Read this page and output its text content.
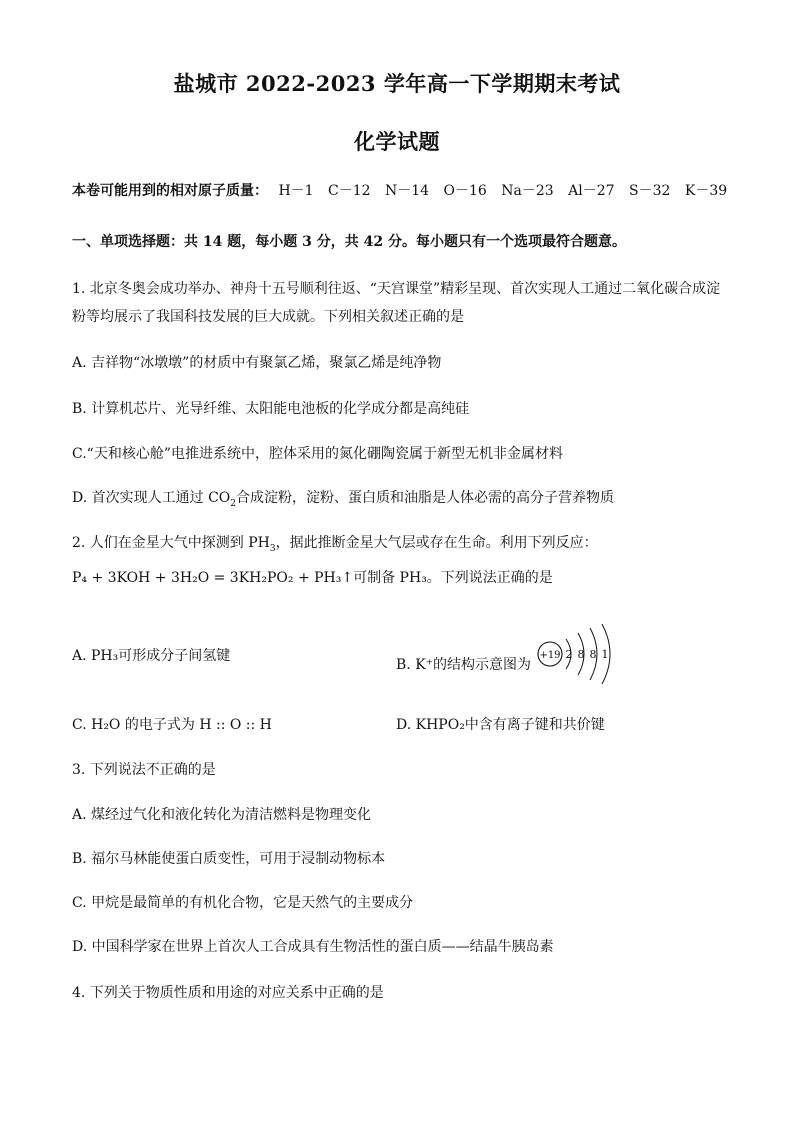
盐城市 2022-2023 学年高一下学期期末考试
化学试题
本卷可能用到的相对原子质量： H－1 C－12 N－14 O－16 Na－23 Al－27 S－32 K－39
一、单项选择题：共 14 题，每小题 3 分，共 42 分。每小题只有一个选项最符合题意。
1. 北京冬奥会成功举办、神舟十五号顺利往返、“天宫课堂”精彩呈现、首次实现人工通过二氧化碳合成淀
粉等均展示了我国科技发展的巨大成就。下列相关叙述正确的是
A. 吉祥物“冰墩墩”的材质中有聚氯乙烯，聚氯乙烯是纯净物
B. 计算机芯片、光导纤维、太阳能电池板的化学成分都是高纯硅
C.“天和核心舱”电推进系统中，腔体采用的氮化硼陶瓷属于新型无机非金属材料
D. 首次实现人工通过 $CO_2$合成淀粉，淀粉、蛋白质和油脂是人体必需的高分子营养物质
2. 人们在金星大气中探测到 $PH_3$，据此推断金星大气层或存在生命。利用下列反应：
P₄ + 3KOH + 3H₂O = 3KH₂PO₂ + PH₃↑可制备 PH₃。下列说法正确的是
A. PH₃可形成分子间氢键
B. K⁺的结构示意图为
+19 2 8 8 1
C. H₂O 的电子式为 H :: O :: H	D. KHPO₂中含有离子键和共价键
3. 下列说法不正确的是
A. 煤经过气化和液化转化为清洁燃料是物理变化
B. 福尔马林能使蛋白质变性，可用于浸制动物标本
C. 甲烷是最简单的有机化合物，它是天然气的主要成分
D. 中国科学家在世界上首次人工合成具有生物活性的蛋白质——结晶牛胰岛素
4. 下列关于物质性质和用途的对应关系中正确的是
